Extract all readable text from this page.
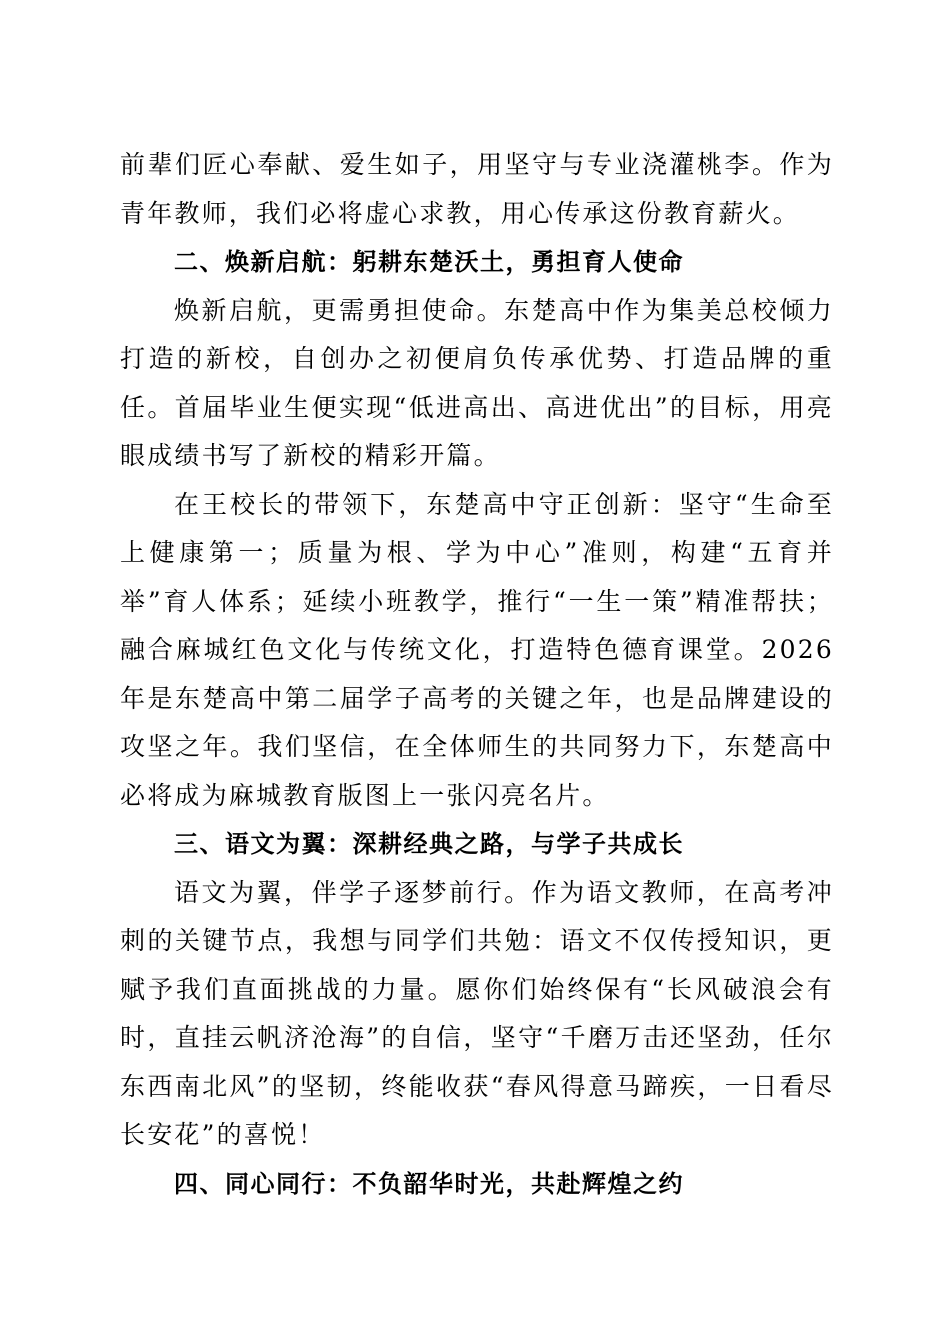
前辈们匠心奉献、爱生如子，用坚守与专业浇灌桃李。作为青年教师，我们必将虚心求教，用心传承这份教育薪火。

二、焕新启航：躬耕东楚沃土，勇担育人使命

焕新启航，更需勇担使命。东楚高中作为集美总校倾力打造的新校，自创办之初便肩负传承优势、打造品牌的重任。首届毕业生便实现“低进高出、高进优出”的目标，用亮眼成绩书写了新校的精彩开篇。

在王校长的带领下，东楚高中守正创新：坚守“生命至上健康第一；质量为根、学为中心”准则，构建“五育并举”育人体系；延续小班教学，推行“一生一策”精准帮扶；融合麻城红色文化与传统文化，打造特色德育课堂。2026年是东楚高中第二届学子高考的关键之年，也是品牌建设的攻坚之年。我们坚信，在全体师生的共同努力下，东楚高中必将成为麻城教育版图上一张闪亮名片。

三、语文为翼：深耕经典之路，与学子共成长

语文为翼，伴学子逐梦前行。作为语文教师，在高考冲刺的关键节点，我想与同学们共勉：语文不仅传授知识，更赋予我们直面挑战的力量。愿你们始终保有“长风破浪会有时，直挂云帆济沧海”的自信，坚守“千磨万击还坚劲，任尔东西南北风”的坚韧，终能收获“春风得意马蹄疾，一日看尽长安花”的喜悦！

四、同心同行：不负韶华时光，共赴辉煌之约
